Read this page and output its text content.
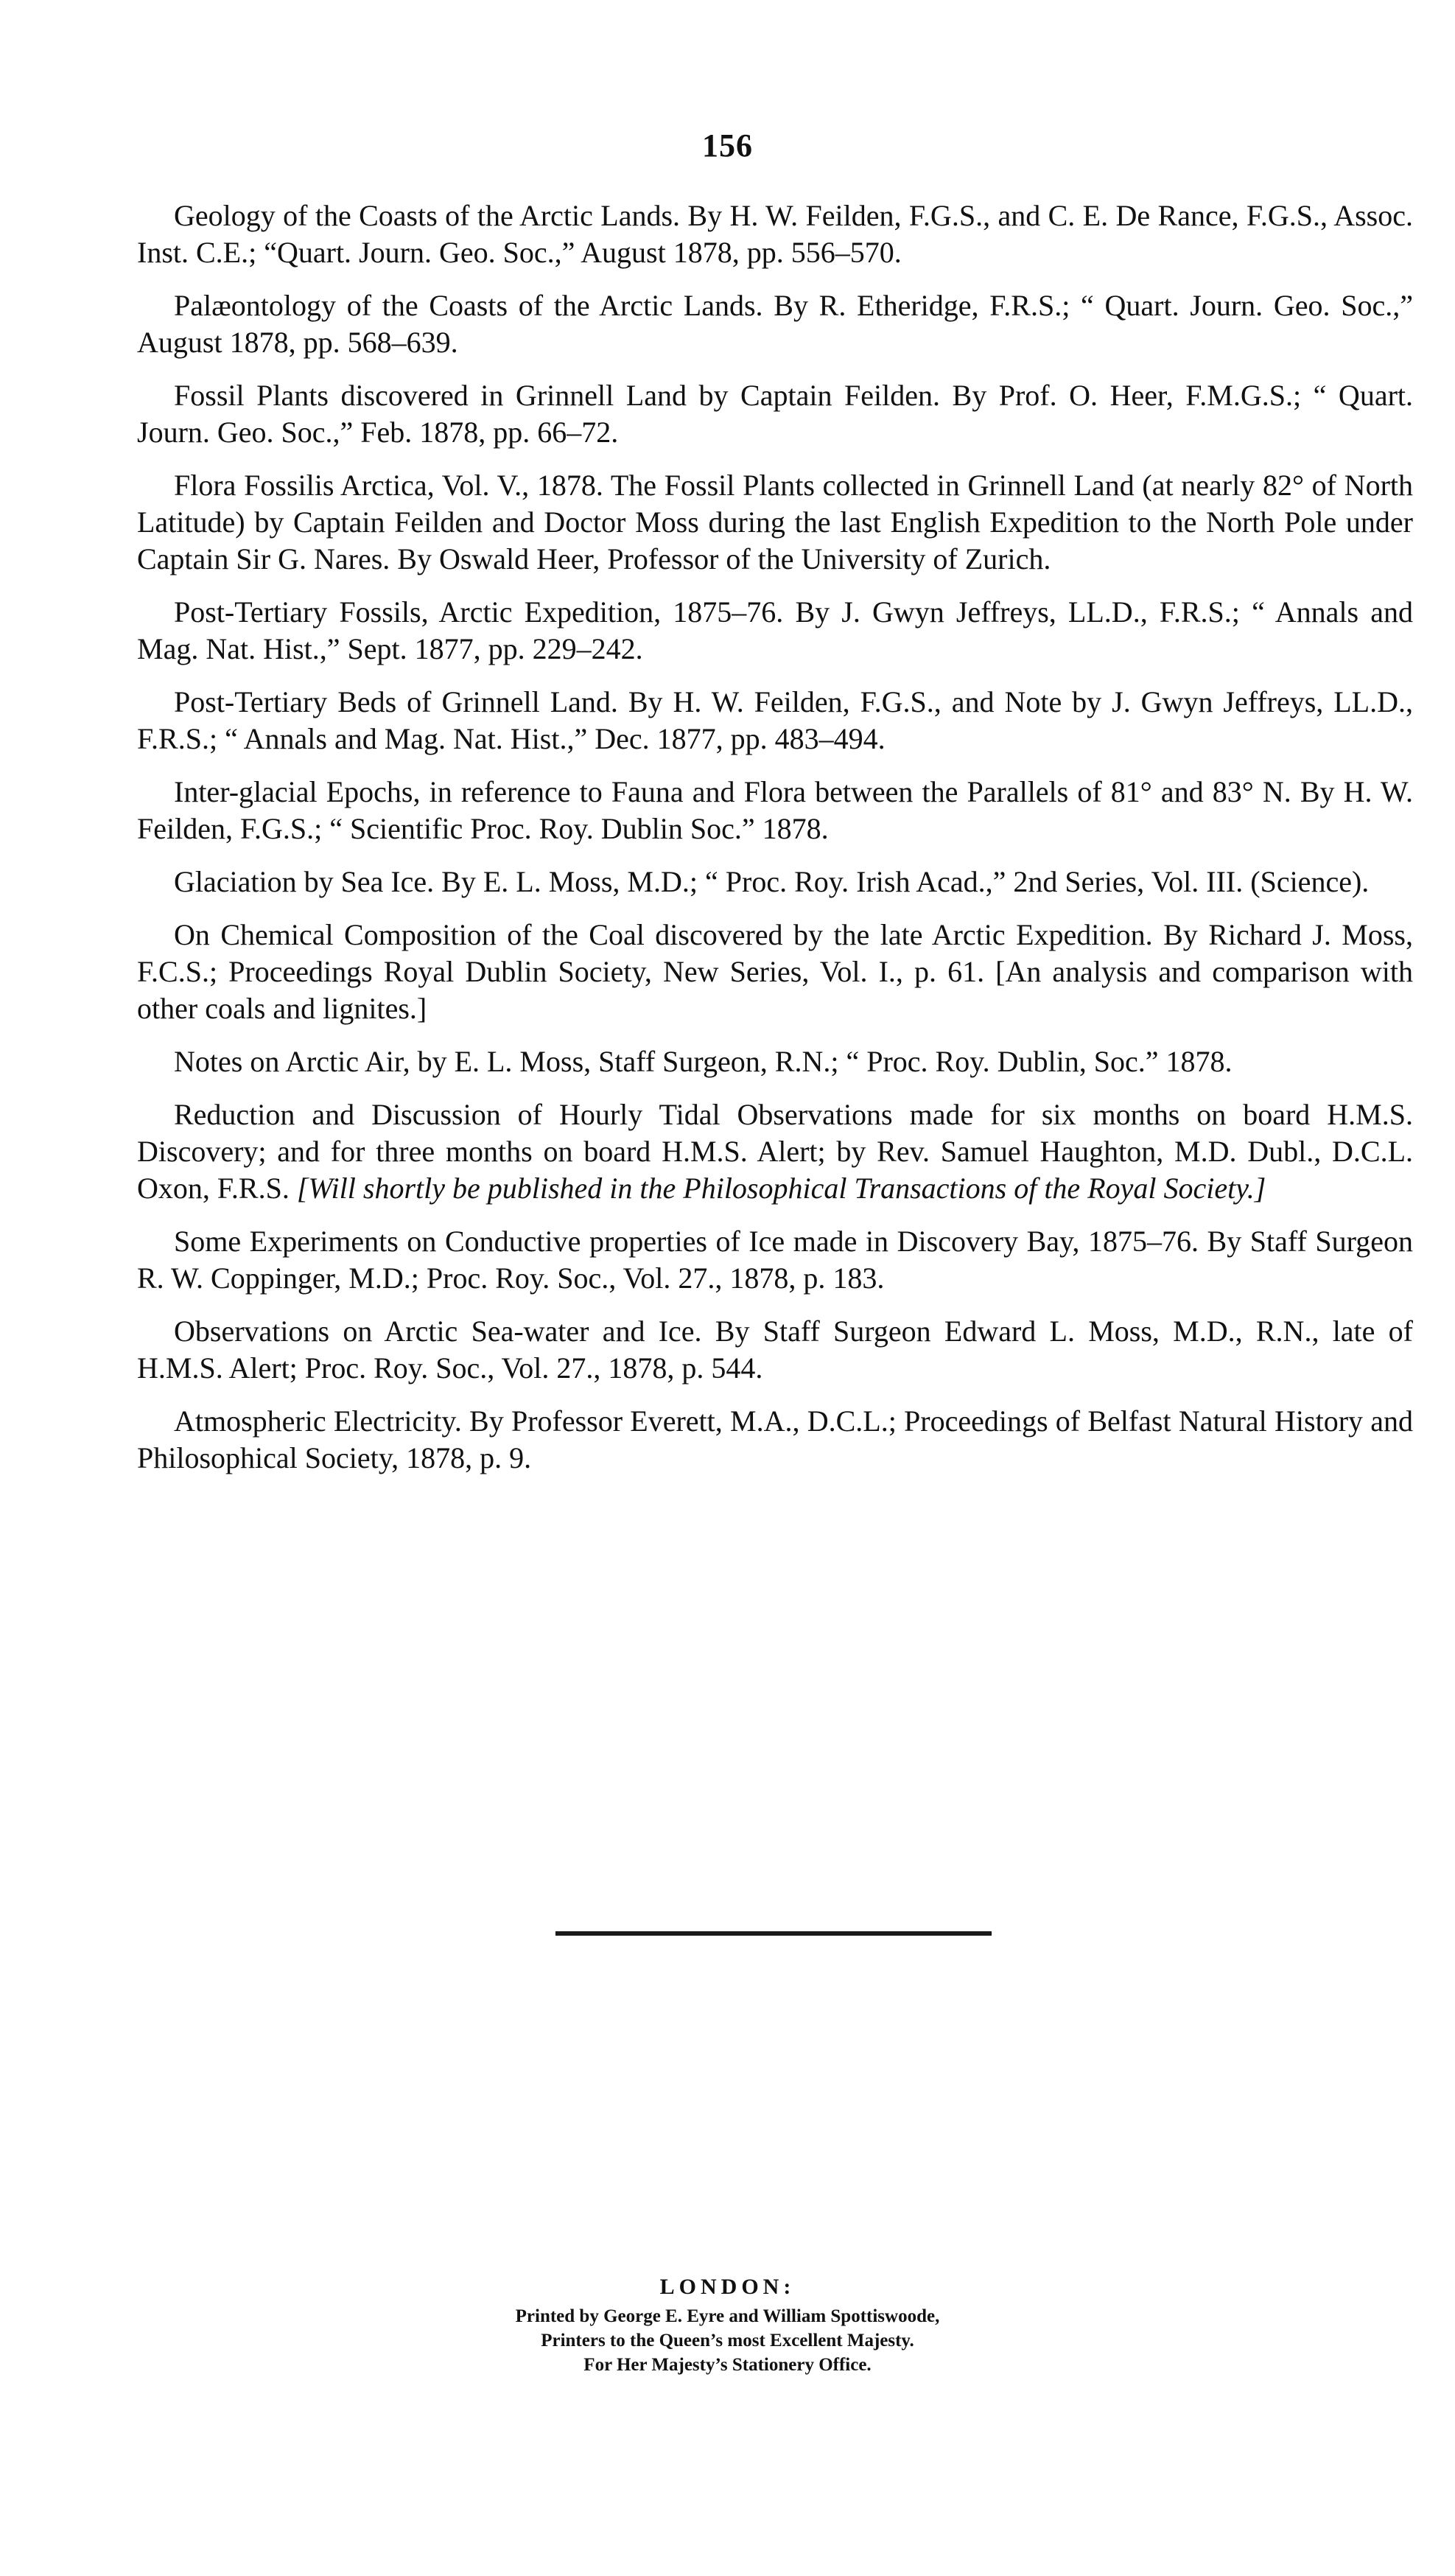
156

Geology of the Coasts of the Arctic Lands. By H. W. Feilden, F.G.S., and C. E. De Rance, F.G.S., Assoc. Inst. C.E.; “Quart. Journ. Geo. Soc.,” August 1878, pp. 556–570.

Palæontology of the Coasts of the Arctic Lands. By R. Etheridge, F.R.S.; “ Quart. Journ. Geo. Soc.,” August 1878, pp. 568–639.

Fossil Plants discovered in Grinnell Land by Captain Feilden. By Prof. O. Heer, F.M.G.S.; “ Quart. Journ. Geo. Soc.,” Feb. 1878, pp. 66–72.

Flora Fossilis Arctica, Vol. V., 1878. The Fossil Plants collected in Grinnell Land (at nearly 82° of North Latitude) by Captain Feilden and Doctor Moss during the last English Expedition to the North Pole under Captain Sir G. Nares. By Oswald Heer, Professor of the University of Zurich.

Post-Tertiary Fossils, Arctic Expedition, 1875–76. By J. Gwyn Jeffreys, LL.D., F.R.S.; “ Annals and Mag. Nat. Hist.,” Sept. 1877, pp. 229–242.

Post-Tertiary Beds of Grinnell Land. By H. W. Feilden, F.G.S., and Note by J. Gwyn Jeffreys, LL.D., F.R.S.; “ Annals and Mag. Nat. Hist.,” Dec. 1877, pp. 483–494.

Inter-glacial Epochs, in reference to Fauna and Flora between the Parallels of 81° and 83° N. By H. W. Feilden, F.G.S.; “ Scientific Proc. Roy. Dublin Soc.” 1878.

Glaciation by Sea Ice. By E. L. Moss, M.D.; “ Proc. Roy. Irish Acad.,” 2nd Series, Vol. III. (Science).

On Chemical Composition of the Coal discovered by the late Arctic Expedition. By Richard J. Moss, F.C.S.; Proceedings Royal Dublin Society, New Series, Vol. I., p. 61. [An analysis and comparison with other coals and lignites.]

Notes on Arctic Air, by E. L. Moss, Staff Surgeon, R.N.; “ Proc. Roy. Dublin, Soc.” 1878.

Reduction and Discussion of Hourly Tidal Observations made for six months on board H.M.S. Discovery; and for three months on board H.M.S. Alert; by Rev. Samuel Haughton, M.D. Dubl., D.C.L. Oxon, F.R.S. [Will shortly be published in the Philosophical Transactions of the Royal Society.]

Some Experiments on Conductive properties of Ice made in Discovery Bay, 1875–76. By Staff Surgeon R. W. Coppinger, M.D.; Proc. Roy. Soc., Vol. 27., 1878, p. 183.

Observations on Arctic Sea-water and Ice. By Staff Surgeon Edward L. Moss, M.D., R.N., late of H.M.S. Alert; Proc. Roy. Soc., Vol. 27., 1878, p. 544.

Atmospheric Electricity. By Professor Everett, M.A., D.C.L.; Proceedings of Belfast Natural History and Philosophical Society, 1878, p. 9.

LONDON:
Printed by George E. Eyre and William Spottiswoode,
Printers to the Queen’s most Excellent Majesty.
For Her Majesty’s Stationery Office.
